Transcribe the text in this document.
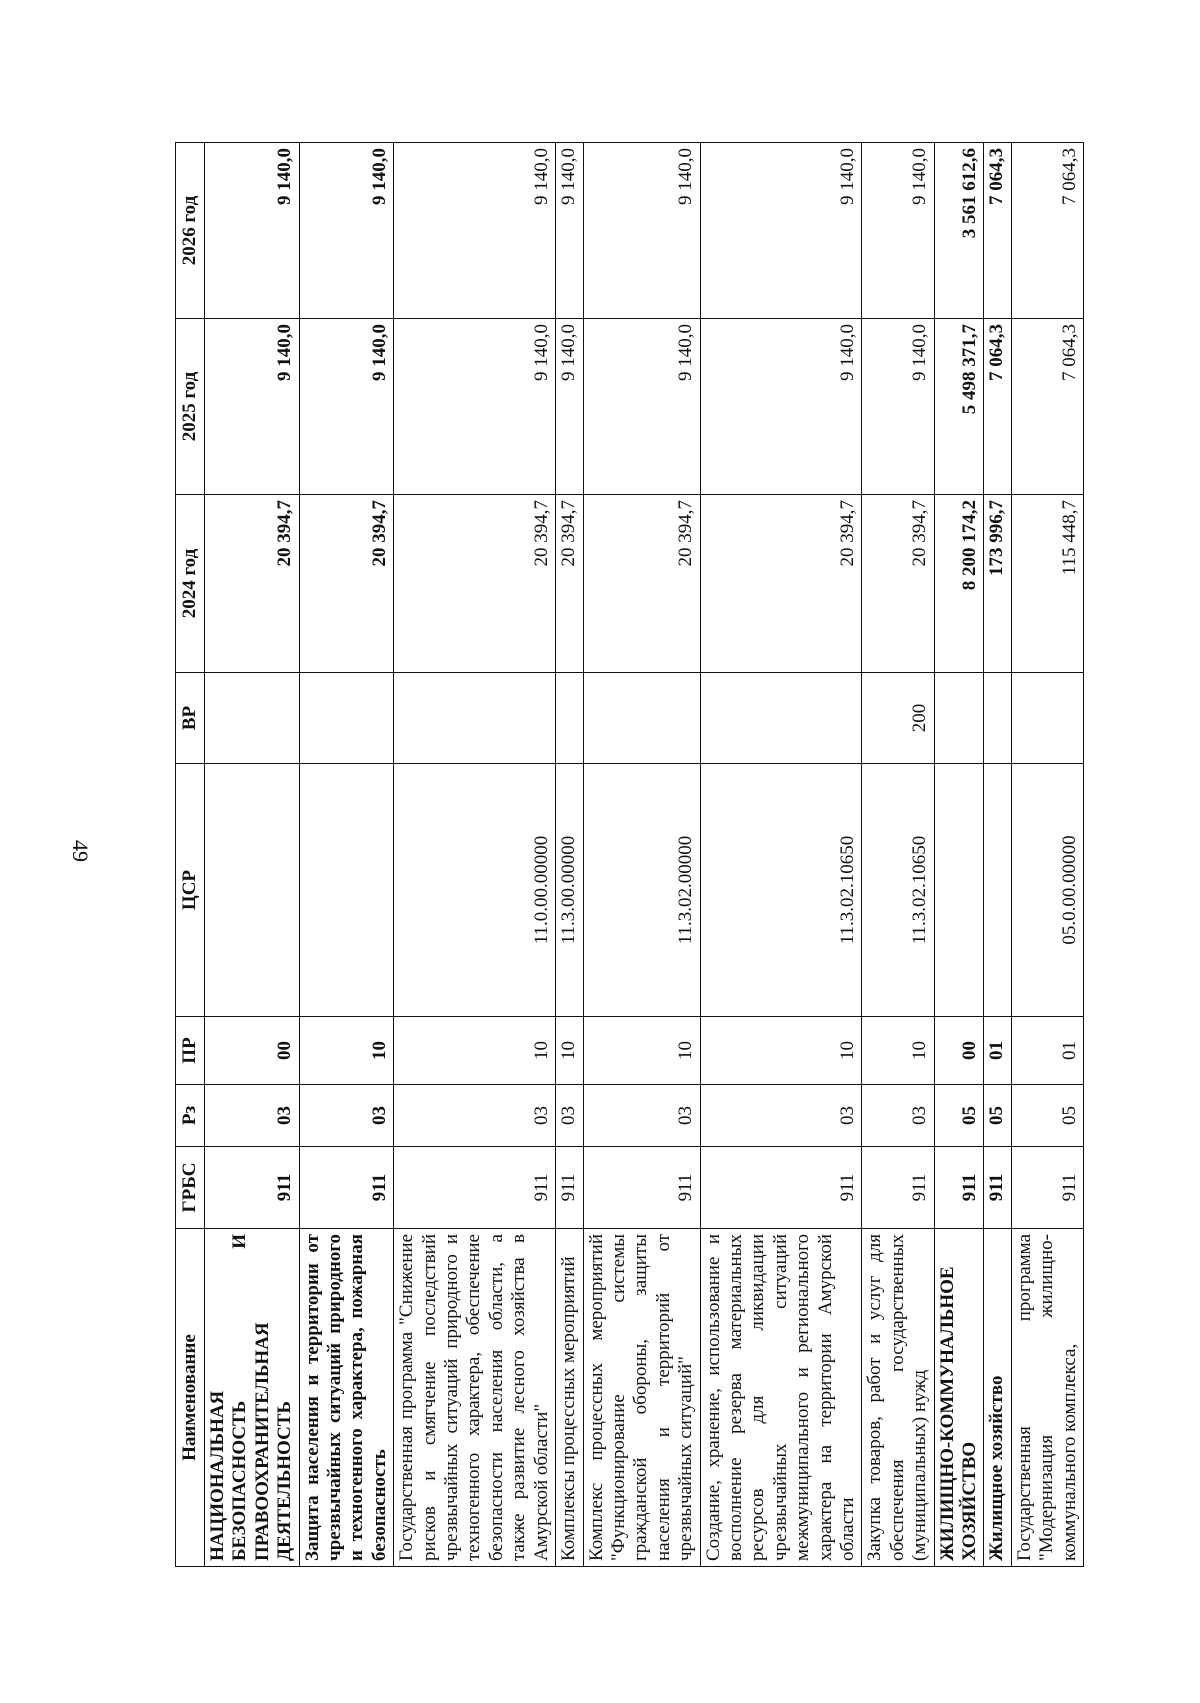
49
Наименование	ГРБС	Рз	ПР	ЦСР	ВР	2024 год	2025 год	2026 год
НАЦИОНАЛЬНАЯ БЕЗОПАСНОСТЬ И ПРАВООХРАНИТЕЛЬНАЯ ДЕЯТЕЛЬНОСТЬ	911	03	00			20 394,7	9 140,0	9 140,0
Защита населения и территории от чрезвычайных ситуаций природного и техногенного характера, пожарная безопасность	911	03	10			20 394,7	9 140,0	9 140,0
Государственная программа "Снижение рисков и смягчение последствий чрезвычайных ситуаций природного и техногенного характера, обеспечение безопасности населения области, а также развитие лесного хозяйства в Амурской области"	911	03	10	11.0.00.00000		20 394,7	9 140,0	9 140,0
Комплексы процессных мероприятий	911	03	10	11.3.00.00000		20 394,7	9 140,0	9 140,0
Комплекс процессных мероприятий "Функционирование системы гражданской обороны, защиты населения и территорий от чрезвычайных ситуаций"	911	03	10	11.3.02.00000		20 394,7	9 140,0	9 140,0
Создание, хранение, использование и восполнение резерва материальных ресурсов для ликвидации чрезвычайных ситуаций межмуниципального и регионального характера на территории Амурской области	911	03	10	11.3.02.10650		20 394,7	9 140,0	9 140,0
Закупка товаров, работ и услуг для обеспечения государственных (муниципальных) нужд	911	03	10	11.3.02.10650	200	20 394,7	9 140,0	9 140,0
ЖИЛИЩНО-КОММУНАЛЬНОЕ ХОЗЯЙСТВО	911	05	00			8 200 174,2	5 498 371,7	3 561 612,6
Жилищное хозяйство	911	05	01			173 996,7	7 064,3	7 064,3
Государственная программа "Модернизация жилищно-коммунального комплекса,	911	05	01	05.0.00.00000		115 448,7	7 064,3	7 064,3
